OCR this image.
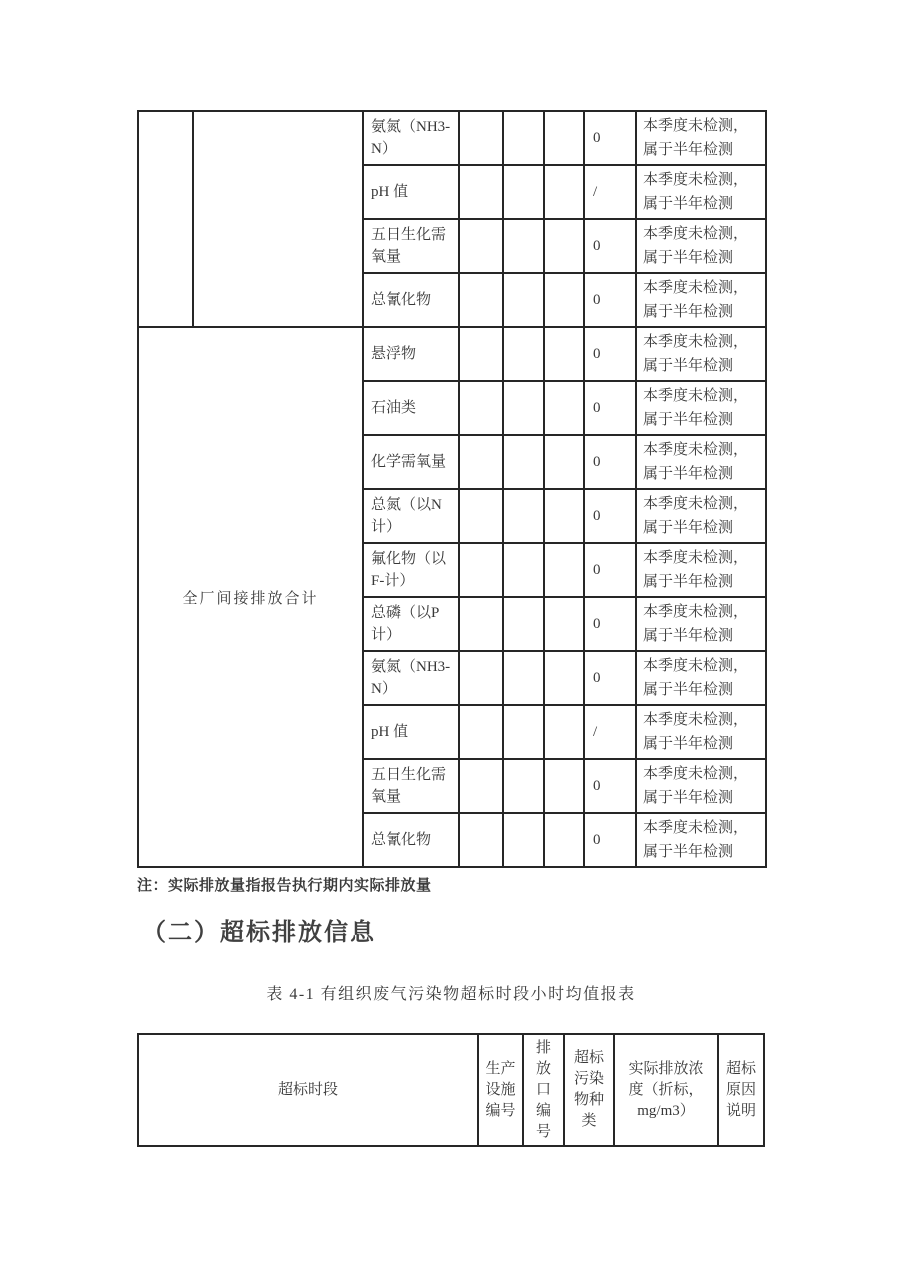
		氨氮（NH3-N）				0	本季度未检测，属于半年检测
		pH 值				/	本季度未检测，属于半年检测
		五日生化需氧量				0	本季度未检测，属于半年检测
		总氰化物				0	本季度未检测，属于半年检测
全厂间接排放合计		悬浮物				0	本季度未检测，属于半年检测
		石油类				0	本季度未检测，属于半年检测
		化学需氧量				0	本季度未检测，属于半年检测
		总氮（以N计）				0	本季度未检测，属于半年检测
		氟化物（以F-计）				0	本季度未检测，属于半年检测
		总磷（以P计）				0	本季度未检测，属于半年检测
		氨氮（NH3-N）				0	本季度未检测，属于半年检测
		pH 值				/	本季度未检测，属于半年检测
		五日生化需氧量				0	本季度未检测，属于半年检测
		总氰化物				0	本季度未检测，属于半年检测
注：实际排放量指报告执行期内实际排放量
（二）超标排放信息
表 4-1 有组织废气污染物超标时段小时均值报表
超标时段	生产设施编号	排放口编号	超标污染物种类	实际排放浓度（折标，mg/m3）	超标原因说明
